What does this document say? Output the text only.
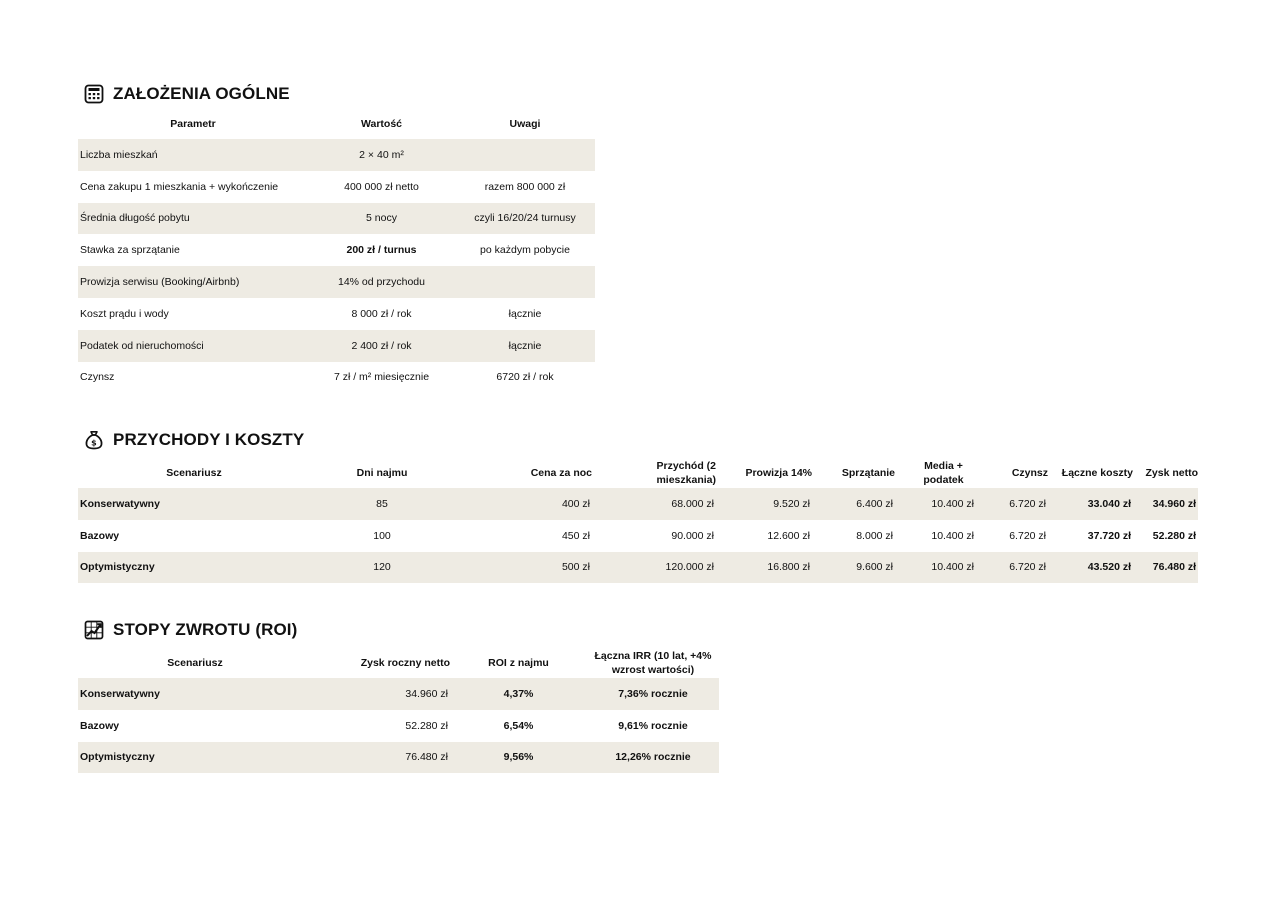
ZAŁOŻENIA OGÓLNE
Parametr	Wartość	Uwagi
Liczba mieszkań	2 × 40 m²	
Cena zakupu 1 mieszkania + wykończenie	400 000 zł netto	razem 800 000 zł
Średnia długość pobytu	5 nocy	czyli 16/20/24 turnusy
Stawka za sprzątanie	200 zł / turnus	po każdym pobycie
Prowizja serwisu (Booking/Airbnb)	14% od przychodu	
Koszt prądu i wody	8 000 zł / rok	łącznie
Podatek od nieruchomości	2 400 zł / rok	łącznie
Czynsz	7 zł / m² miesięcznie	6720 zł / rok
$ PRZYCHODY I KOSZTY
Scenariusz	Dni najmu	Cena za noc	Przychód (2 mieszkania)	Prowizja 14%	Sprzątanie	Media + podatek	Czynsz	Łączne koszty	Zysk netto
Konserwatywny	85	400 zł	68.000 zł	9.520 zł	6.400 zł	10.400 zł	6.720 zł	33.040 zł	34.960 zł
Bazowy	100	450 zł	90.000 zł	12.600 zł	8.000 zł	10.400 zł	6.720 zł	37.720 zł	52.280 zł
Optymistyczny	120	500 zł	120.000 zł	16.800 zł	9.600 zł	10.400 zł	6.720 zł	43.520 zł	76.480 zł
STOPY ZWROTU (ROI)
Scenariusz	Zysk roczny netto	ROI z najmu	Łączna IRR (10 lat, +4% wzrost wartości)
Konserwatywny	34.960 zł	4,37%	7,36% rocznie
Bazowy	52.280 zł	6,54%	9,61% rocznie
Optymistyczny	76.480 zł	9,56%	12,26% rocznie
